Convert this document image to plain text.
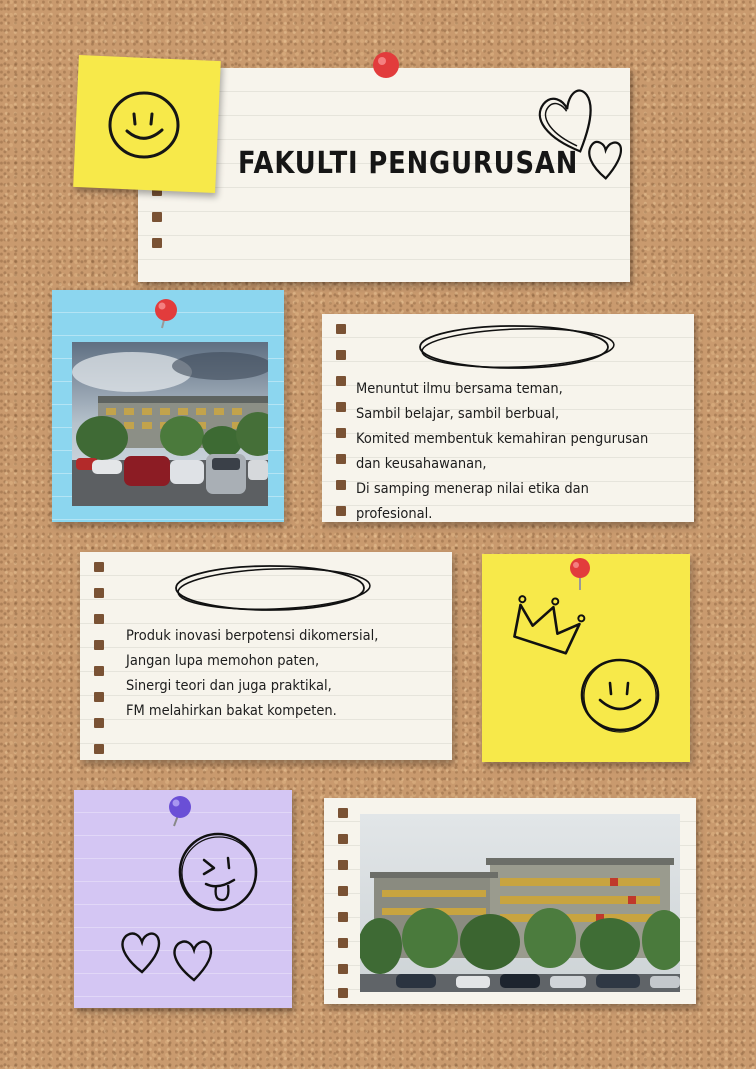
FAKULTI PENGURUSAN
Menuntut ilmu bersama teman,
Sambil belajar, sambil berbual,
Komited membentuk kemahiran pengurusan
dan keusahawanan,
Di samping menerap nilai etika dan
profesional.
Produk inovasi berpotensi dikomersial,
Jangan lupa memohon paten,
Sinergi teori dan juga praktikal,
FM melahirkan bakat kompeten.
